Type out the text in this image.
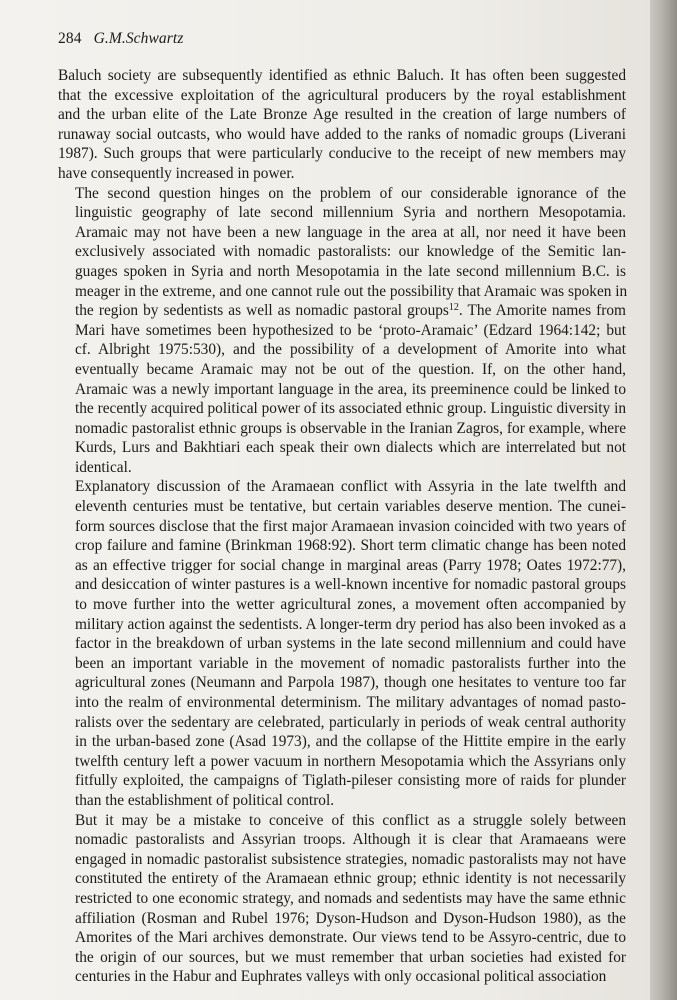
284 G.M.Schwartz
Baluch society are subsequently identified as ethnic Baluch. It has often been suggested
that the excessive exploitation of the agricultural producers by the royal establishment
and the urban elite of the Late Bronze Age resulted in the creation of large numbers of
runaway social outcasts, who would have added to the ranks of nomadic groups (Liverani
1987). Such groups that were particularly conducive to the receipt of new members may
have consequently increased in power.
The second question hinges on the problem of our considerable ignorance of the
linguistic geography of late second millennium Syria and northern Mesopotamia.
Aramaic may not have been a new language in the area at all, nor need it have been
exclusively associated with nomadic pastoralists: our knowledge of the Semitic lan-
guages spoken in Syria and north Mesopotamia in the late second millennium B.C. is
meager in the extreme, and one cannot rule out the possibility that Aramaic was spoken in
the region by sedentists as well as nomadic pastoral groups$^{12}$. The Amorite names from
Mari have sometimes been hypothesized to be ‘proto-Aramaic’ (Edzard 1964:142; but
cf. Albright 1975:530), and the possibility of a development of Amorite into what
eventually became Aramaic may not be out of the question. If, on the other hand,
Aramaic was a newly important language in the area, its preeminence could be linked to
the recently acquired political power of its associated ethnic group. Linguistic diversity in
nomadic pastoralist ethnic groups is observable in the Iranian Zagros, for example, where
Kurds, Lurs and Bakhtiari each speak their own dialects which are interrelated but not
identical.
Explanatory discussion of the Aramaean conflict with Assyria in the late twelfth and
eleventh centuries must be tentative, but certain variables deserve mention. The cunei-
form sources disclose that the first major Aramaean invasion coincided with two years of
crop failure and famine (Brinkman 1968:92). Short term climatic change has been noted
as an effective trigger for social change in marginal areas (Parry 1978; Oates 1972:77),
and desiccation of winter pastures is a well-known incentive for nomadic pastoral groups
to move further into the wetter agricultural zones, a movement often accompanied by
military action against the sedentists. A longer-term dry period has also been invoked as a
factor in the breakdown of urban systems in the late second millennium and could have
been an important variable in the movement of nomadic pastoralists further into the
agricultural zones (Neumann and Parpola 1987), though one hesitates to venture too far
into the realm of environmental determinism. The military advantages of nomad pasto-
ralists over the sedentary are celebrated, particularly in periods of weak central authority
in the urban-based zone (Asad 1973), and the collapse of the Hittite empire in the early
twelfth century left a power vacuum in northern Mesopotamia which the Assyrians only
fitfully exploited, the campaigns of Tiglath-pileser consisting more of raids for plunder
than the establishment of political control.
But it may be a mistake to conceive of this conflict as a struggle solely between
nomadic pastoralists and Assyrian troops. Although it is clear that Aramaeans were
engaged in nomadic pastoralist subsistence strategies, nomadic pastoralists may not have
constituted the entirety of the Aramaean ethnic group; ethnic identity is not necessarily
restricted to one economic strategy, and nomads and sedentists may have the same ethnic
affiliation (Rosman and Rubel 1976; Dyson-Hudson and Dyson-Hudson 1980), as the
Amorites of the Mari archives demonstrate. Our views tend to be Assyro-centric, due to
the origin of our sources, but we must remember that urban societies had existed for
centuries in the Habur and Euphrates valleys with only occasional political association
